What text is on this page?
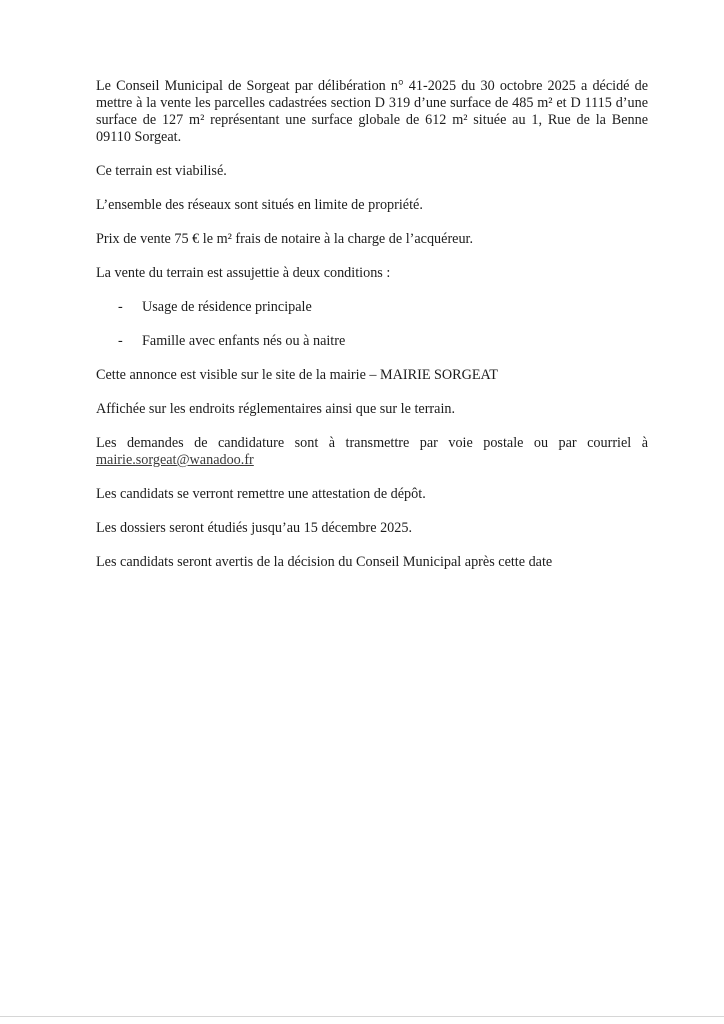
Le Conseil Municipal de Sorgeat par délibération n° 41-2025 du 30 octobre 2025 a décidé de mettre à la vente les parcelles cadastrées section D 319 d’une surface de 485 m² et D 1115 d’une surface de 127 m² représentant une surface globale de 612 m² située au 1, Rue de la Benne 09110 Sorgeat.

Ce terrain est viabilisé.

L’ensemble des réseaux sont situés en limite de propriété.

Prix de vente 75 € le m² frais de notaire à la charge de l’acquéreur.

La vente du terrain est assujettie à deux conditions :

- Usage de résidence principale
- Famille avec enfants nés ou à naitre

Cette annonce est visible sur le site de la mairie – MAIRIE SORGEAT

Affichée sur les endroits réglementaires ainsi que sur le terrain.

Les demandes de candidature sont à transmettre par voie postale ou par courriel à mairie.sorgeat@wanadoo.fr

Les candidats se verront remettre une attestation de dépôt.

Les dossiers seront étudiés jusqu’au 15 décembre 2025.

Les candidats seront avertis de la décision du Conseil Municipal après cette date
